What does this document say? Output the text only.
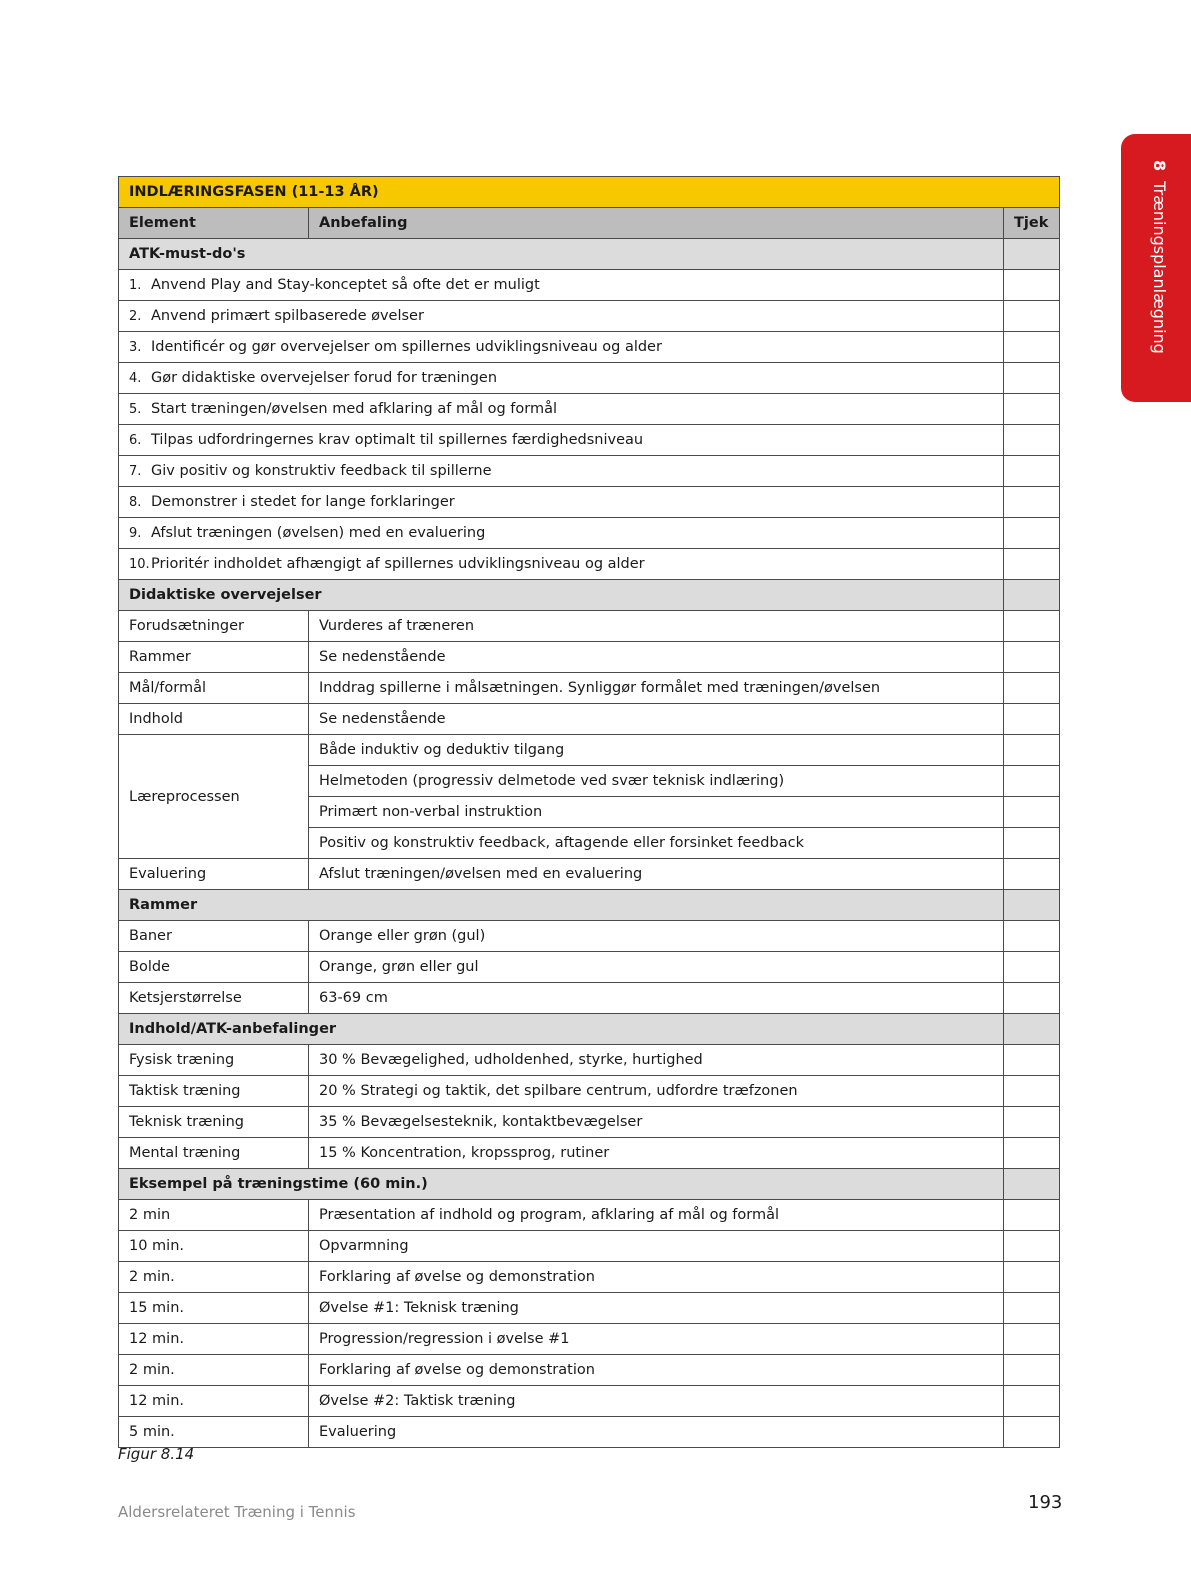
8Træningsplanlægning
INDLÆRINGSFASEN (11-13 ÅR)		
Element	Anbefaling	Tjek
ATK-must-do's		
1. Anvend Play and Stay-konceptet så ofte det er muligt		
2. Anvend primært spilbaserede øvelser		
3. Identificér og gør overvejelser om spillernes udviklingsniveau og alder		
4. Gør didaktiske overvejelser forud for træningen		
5. Start træningen/øvelsen med afklaring af mål og formål		
6. Tilpas udfordringernes krav optimalt til spillernes færdighedsniveau		
7. Giv positiv og konstruktiv feedback til spillerne		
8. Demonstrer i stedet for lange forklaringer		
9. Afslut træningen (øvelsen) med en evaluering		
10.Prioritér indholdet afhængigt af spillernes udviklingsniveau og alder		
Didaktiske overvejelser		
Forudsætninger	Vurderes af træneren	
Rammer	Se nedenstående	
Mål/formål	Inddrag spillerne i målsætningen. Synliggør formålet med træningen/øvelsen	
Indhold	Se nedenstående	
Læreprocessen	Både induktiv og deduktiv tilgang	
	Helmetoden (progressiv delmetode ved svær teknisk indlæring)	
	Primært non-verbal instruktion	
	Positiv og konstruktiv feedback, aftagende eller forsinket feedback	
Evaluering	Afslut træningen/øvelsen med en evaluering	
Rammer		
Baner	Orange eller grøn (gul)	
Bolde	Orange, grøn eller gul	
Ketsjerstørrelse	63-69 cm	
Indhold/ATK-anbefalinger		
Fysisk træning	30 % Bevægelighed, udholdenhed, styrke, hurtighed	
Taktisk træning	20 % Strategi og taktik, det spilbare centrum, udfordre træfzonen	
Teknisk træning	35 % Bevægelsesteknik, kontaktbevægelser	
Mental træning	15 % Koncentration, kropssprog, rutiner	
Eksempel på træningstime (60 min.)		
2 min	Præsentation af indhold og program, afklaring af mål og formål	
10 min.	Opvarmning	
2 min.	Forklaring af øvelse og demonstration	
15 min.	Øvelse #1: Teknisk træning	
12 min.	Progression/regression i øvelse #1	
2 min.	Forklaring af øvelse og demonstration	
12 min.	Øvelse #2: Taktisk træning	
5 min.	Evaluering	
Figur 8.14
Aldersrelateret Træning i Tennis	193
